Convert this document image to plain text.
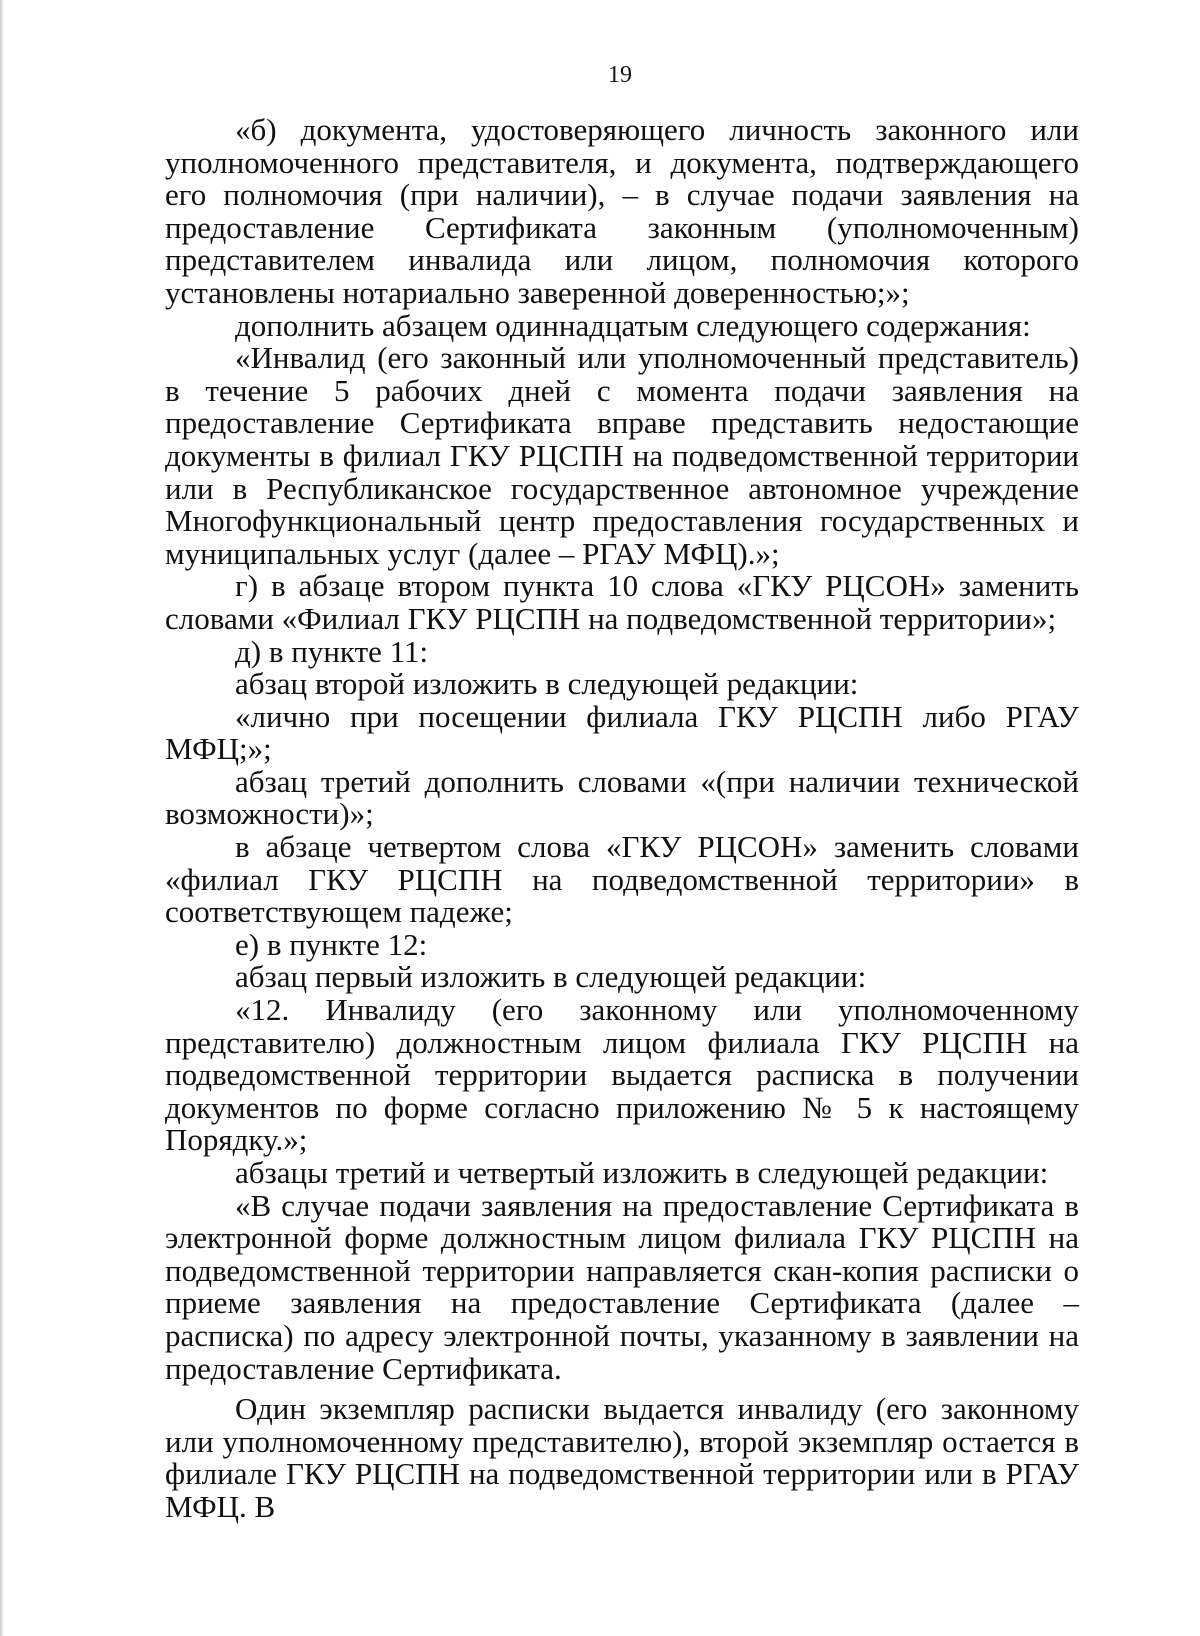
19

«б) документа, удостоверяющего личность законного или уполномоченного представителя, и документа, подтверждающего его полномочия (при наличии), – в случае подачи заявления на предоставление Сертификата законным (уполномоченным) представителем инвалида или лицом, полномочия которого установлены нотариально заверенной доверенностью;»;

дополнить абзацем одиннадцатым следующего содержания:

«Инвалид (его законный или уполномоченный представитель) в течение 5 рабочих дней с момента подачи заявления на предоставление Сертификата вправе представить недостающие документы в филиал ГКУ РЦСПН на подведомственной территории или в Республиканское государственное автономное учреждение Многофункциональный центр предоставления государственных и муниципальных услуг (далее – РГАУ МФЦ).»;

г) в абзаце втором пункта 10 слова «ГКУ РЦСОН» заменить словами «Филиал ГКУ РЦСПН на подведомственной территории»;

д) в пункте 11:

абзац второй изложить в следующей редакции:

«лично при посещении филиала ГКУ РЦСПН либо РГАУ МФЦ;»;

абзац третий дополнить словами «(при наличии технической возможности)»;

в абзаце четвертом слова «ГКУ РЦСОН» заменить словами «филиал ГКУ РЦСПН на подведомственной территории» в соответствующем падеже;

е) в пункте 12:

абзац первый изложить в следующей редакции:

«12. Инвалиду (его законному или уполномоченному представителю) должностным лицом филиала ГКУ РЦСПН на подведомственной территории выдается расписка в получении документов по форме согласно приложению № 5 к настоящему Порядку.»;

абзацы третий и четвертый изложить в следующей редакции:

«В случае подачи заявления на предоставление Сертификата в электронной форме должностным лицом филиала ГКУ РЦСПН на подведомственной территории направляется скан-копия расписки о приеме заявления на предоставление Сертификата (далее – расписка) по адресу электронной почты, указанному в заявлении на предоставление Сертификата.

Один экземпляр расписки выдается инвалиду (его законному или уполномоченному представителю), второй экземпляр остается в филиале ГКУ РЦСПН на подведомственной территории или в РГАУ МФЦ. В
